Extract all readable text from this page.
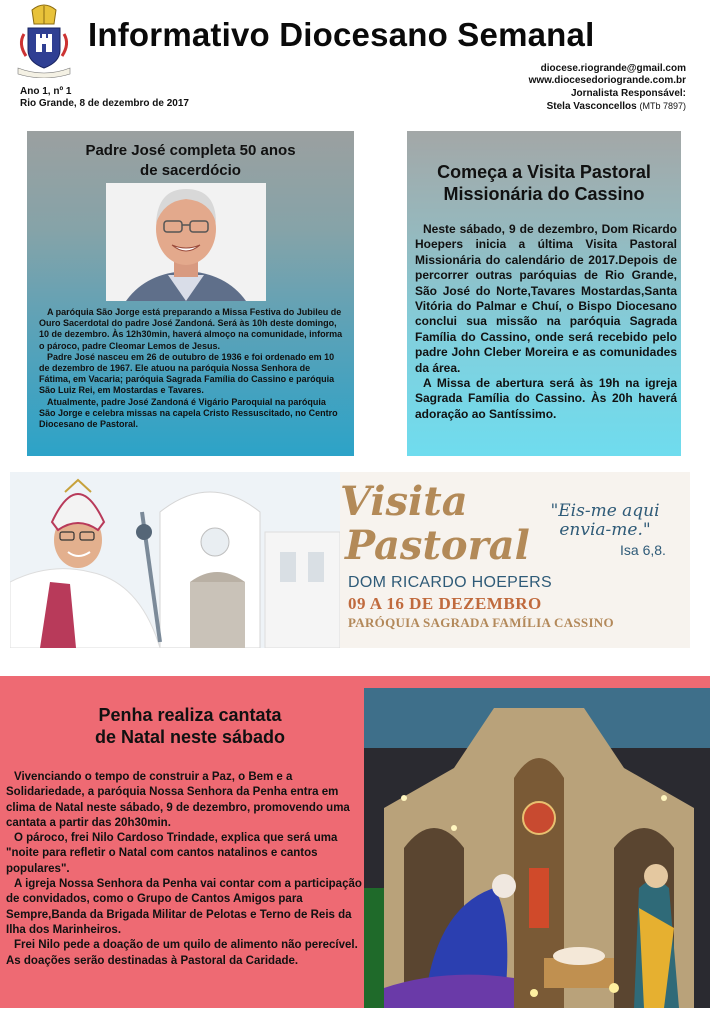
Informativo Diocesano Semanal
Ano 1, nº 1
Rio Grande, 8 de dezembro de 2017
diocese.riogrande@gmail.com
www.diocesedoriogrande.com.br
Jornalista Responsável:
Stela Vasconcellos (MTb 7897)
Padre José completa 50 anos
de sacerdócio

A paróquia São Jorge está preparando a Missa Festiva do Jubileu de Ouro Sacerdotal do padre José Zandoná. Será às 10h deste domingo, 10 de dezembro. Às 12h30min, haverá almoço na comunidade, informa o pároco, padre Cleomar Lemos de Jesus.

Padre José nasceu em 26 de outubro de 1936 e foi ordenado em 10 de dezembro de 1967. Ele atuou na paróquia Nossa Senhora de Fátima, em Vacaria; paróquia Sagrada Família do Cassino e paróquia São Luiz Rei, em Mostardas e Tavares.

Atualmente, padre José Zandoná é Vigário Paroquial na paróquia São Jorge e celebra missas na capela Cristo Ressuscitado, no Centro Diocesano de Pastoral.

Começa a Visita Pastoral
Missionária do Cassino

Neste sábado, 9 de dezembro, Dom Ricardo Hoepers inicia a última Visita Pastoral Missionária do calendário de 2017.Depois de percorrer outras paróquias de Rio Grande, São José do Norte,Tavares Mostardas,Santa Vitória do Palmar e Chuí, o Bispo Diocesano conclui sua missão na paróquia Sagrada Família do Cassino, onde será recebido pelo padre John Cleber Moreira e as comunidades da área.

A Missa de abertura será às 19h na igreja Sagrada Família do Cassino. Às 20h haverá adoração ao Santíssimo.

Visita
Pastoral
DOM RICARDO HOEPERS
09 A 16 DE DEZEMBRO
PARÓQUIA SAGRADA FAMÍLIA CASSINO
"Eis-me aqui
envia-me."
Isa 6,8.
Penha realiza cantata
de Natal neste sábado

Vivenciando o tempo de construir a Paz, o Bem e a Solidariedade, a paróquia Nossa Senhora da Penha entra em clima de Natal neste sábado, 9 de dezembro, promovendo uma cantata a partir das 20h30min.

O pároco, frei Nilo Cardoso Trindade, explica que será uma "noite para refletir o Natal com cantos natalinos e cantos populares".

A igreja Nossa Senhora da Penha vai contar com a participação de convidados, como o Grupo de Cantos Amigos para Sempre,Banda da Brigada Militar de Pelotas e Terno de Reis da Ilha dos Marinheiros.

Frei Nilo pede a doação de um quilo de alimento não perecível. As doações serão destinadas à Pastoral da Caridade.
